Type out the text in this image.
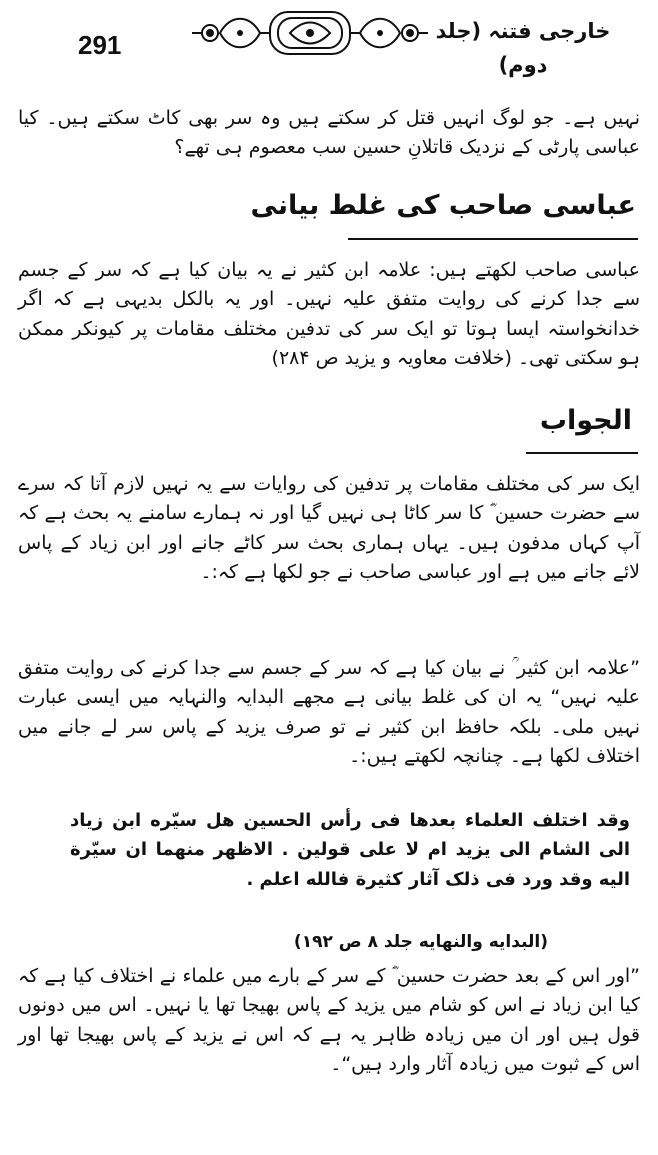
291	خارجی فتنہ (جلد دوم)

نہیں ہے۔ جو لوگ انہیں قتل کر سکتے ہیں وہ سر بھی کاٹ سکتے ہیں۔ کیا عباسی پارٹی کے نزدیک قاتلانِ حسین سب معصوم ہی تھے؟

عباسی صاحب کی غلط بیانی

عباسی صاحب لکھتے ہیں: علامہ ابن کثیر نے یہ بیان کیا ہے کہ سر کے جسم سے جدا کرنے کی روایت متفق علیہ نہیں۔ اور یہ بالکل بدیہی ہے کہ اگر خدانخواستہ ایسا ہوتا تو ایک سر کی تدفین مختلف مقامات پر کیونکر ممکن ہو سکتی تھی۔ (خلافت معاویہ و یزید ص ۲۸۴)

الجواب

ایک سر کی مختلف مقامات پر تدفین کی روایات سے یہ نہیں لازم آتا کہ سرے سے حضرت حسین ؓ کا سر کاٹا ہی نہیں گیا اور نہ ہمارے سامنے یہ بحث ہے کہ آپ کہاں مدفون ہیں۔ یہاں ہماری بحث سر کاٹے جانے اور ابن زیاد کے پاس لائے جانے میں ہے اور عباسی صاحب نے جو لکھا ہے کہ:۔

”علامہ ابن کثیر ؒ نے بیان کیا ہے کہ سر کے جسم سے جدا کرنے کی روایت متفق علیہ نہیں“ یہ ان کی غلط بیانی ہے مجھے البدایہ والنہایہ میں ایسی عبارت نہیں ملی۔ بلکہ حافظ ابن کثیر نے تو صرف یزید کے پاس سر لے جانے میں اختلاف لکھا ہے۔ چنانچہ لکھتے ہیں:۔

وقد اختلف العلماء بعدها فی رأس الحسین هل سيّره ابن زیاد الی الشام الی یزید ام لا علی قولین . الاظهر منهما ان سيّرة الیه وقد ورد فی ذلک آثار کثیرة فالله اعلم .

(البدایه والنهایه جلد ۸ ص ۱۹۲)

”اور اس کے بعد حضرت حسین ؓ کے سر کے بارے میں علماء نے اختلاف کیا ہے کہ کیا ابن زیاد نے اس کو شام میں یزید کے پاس بھیجا تھا یا نہیں۔ اس میں دونوں قول ہیں اور ان میں زیادہ ظاہر یہ ہے کہ اس نے یزید کے پاس بھیجا تھا اور اس کے ثبوت میں زیادہ آثار وارد ہیں“۔
